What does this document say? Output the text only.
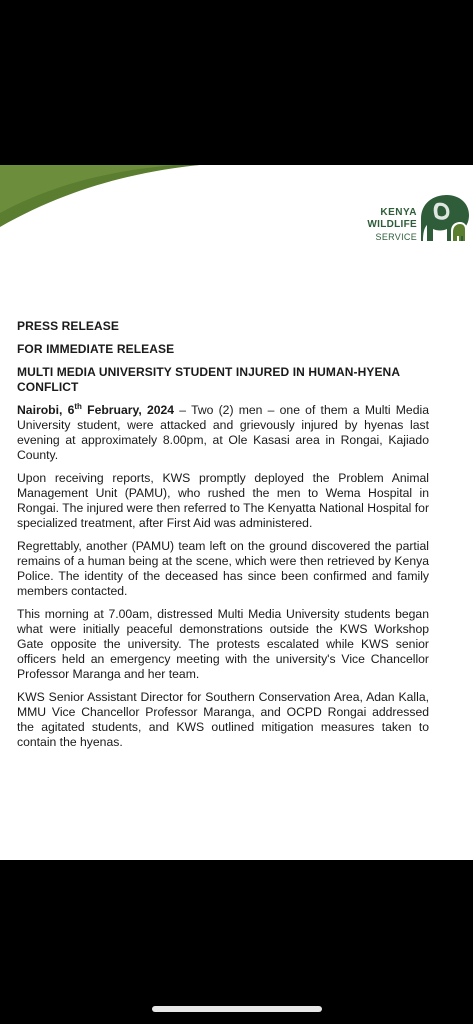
KENYA
WILDLIFE
SERVICE
PRESS RELEASE
FOR IMMEDIATE RELEASE
MULTI MEDIA UNIVERSITY STUDENT INJURED IN HUMAN-HYENA CONFLICT

Nairobi, 6th February, 2024 – Two (2) men – one of them a Multi Media University student, were attacked and grievously injured by hyenas last evening at approximately 8.00pm, at Ole Kasasi area in Rongai, Kajiado County.

Upon receiving reports, KWS promptly deployed the Problem Animal Management Unit (PAMU), who rushed the men to Wema Hospital in Rongai. The injured were then referred to The Kenyatta National Hospital for specialized treatment, after First Aid was administered.

Regrettably, another (PAMU) team left on the ground discovered the partial remains of a human being at the scene, which were then retrieved by Kenya Police. The identity of the deceased has since been confirmed and family members contacted.

This morning at 7.00am, distressed Multi Media University students began what were initially peaceful demonstrations outside the KWS Workshop Gate opposite the university. The protests escalated while KWS senior officers held an emergency meeting with the university's Vice Chancellor Professor Maranga and her team.

KWS Senior Assistant Director for Southern Conservation Area, Adan Kalla, MMU Vice Chancellor Professor Maranga, and OCPD Rongai addressed the agitated students, and KWS outlined mitigation measures taken to contain the hyenas.
